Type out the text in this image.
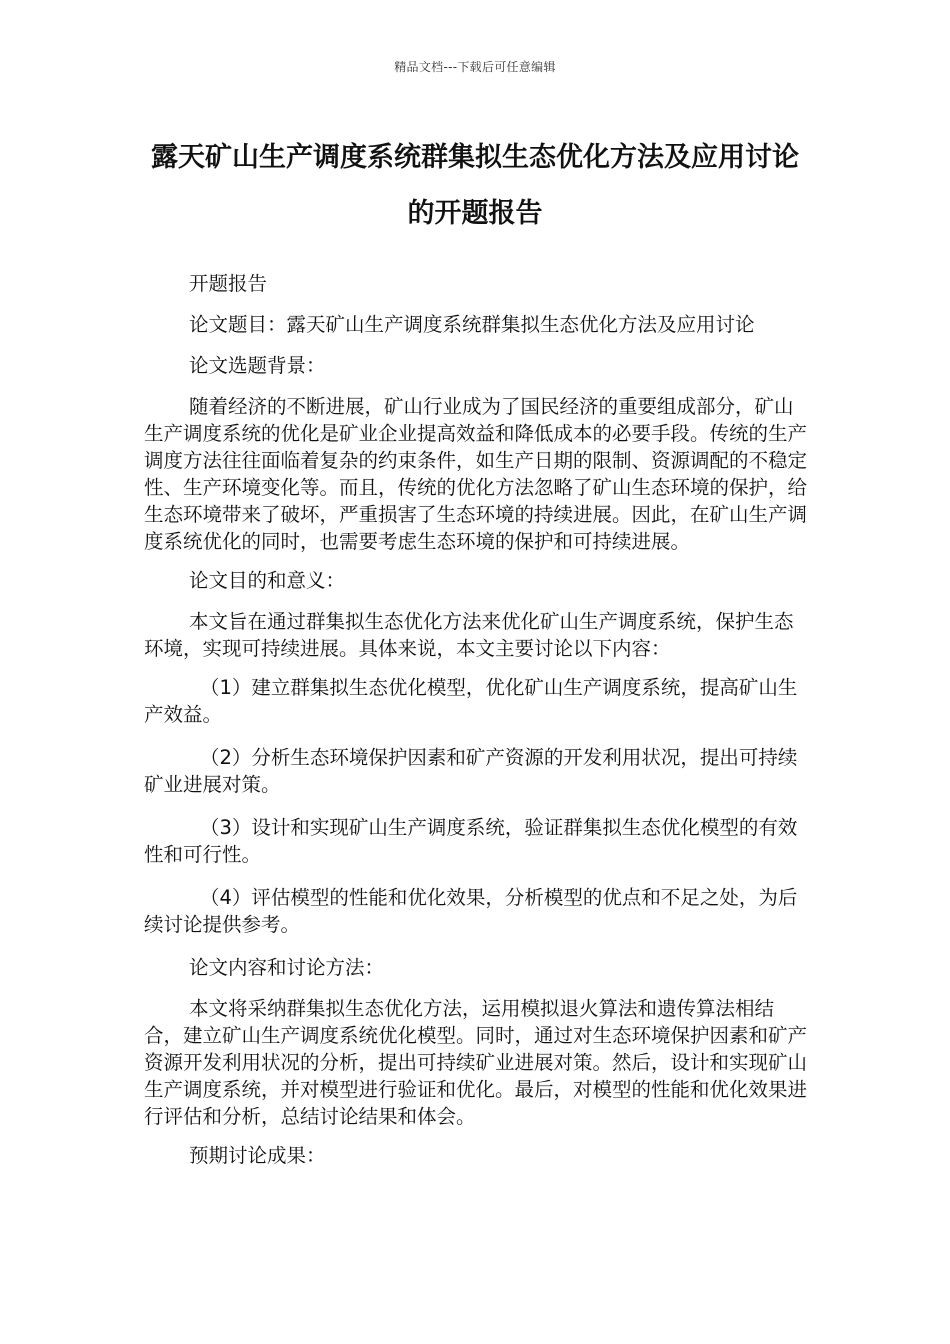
精品文档---下载后可任意编辑
露天矿山生产调度系统群集拟生态优化方法及应用讨论的开题报告

开题报告

论文题目：露天矿山生产调度系统群集拟生态优化方法及应用讨论

论文选题背景：

随着经济的不断进展，矿山行业成为了国民经济的重要组成部分，矿山生产调度系统的优化是矿业企业提高效益和降低成本的必要手段。传统的生产调度方法往往面临着复杂的约束条件，如生产日期的限制、资源调配的不稳定性、生产环境变化等。而且，传统的优化方法忽略了矿山生态环境的保护，给生态环境带来了破坏，严重损害了生态环境的持续进展。因此，在矿山生产调度系统优化的同时，也需要考虑生态环境的保护和可持续进展。

论文目的和意义：

本文旨在通过群集拟生态优化方法来优化矿山生产调度系统，保护生态环境，实现可持续进展。具体来说，本文主要讨论以下内容：

（1）建立群集拟生态优化模型，优化矿山生产调度系统，提高矿山生产效益。

（2）分析生态环境保护因素和矿产资源的开发利用状况，提出可持续矿业进展对策。

（3）设计和实现矿山生产调度系统，验证群集拟生态优化模型的有效性和可行性。

（4）评估模型的性能和优化效果，分析模型的优点和不足之处，为后续讨论提供参考。

论文内容和讨论方法：

本文将采纳群集拟生态优化方法，运用模拟退火算法和遗传算法相结合，建立矿山生产调度系统优化模型。同时，通过对生态环境保护因素和矿产资源开发利用状况的分析，提出可持续矿业进展对策。然后，设计和实现矿山生产调度系统，并对模型进行验证和优化。最后，对模型的性能和优化效果进行评估和分析，总结讨论结果和体会。

预期讨论成果：
